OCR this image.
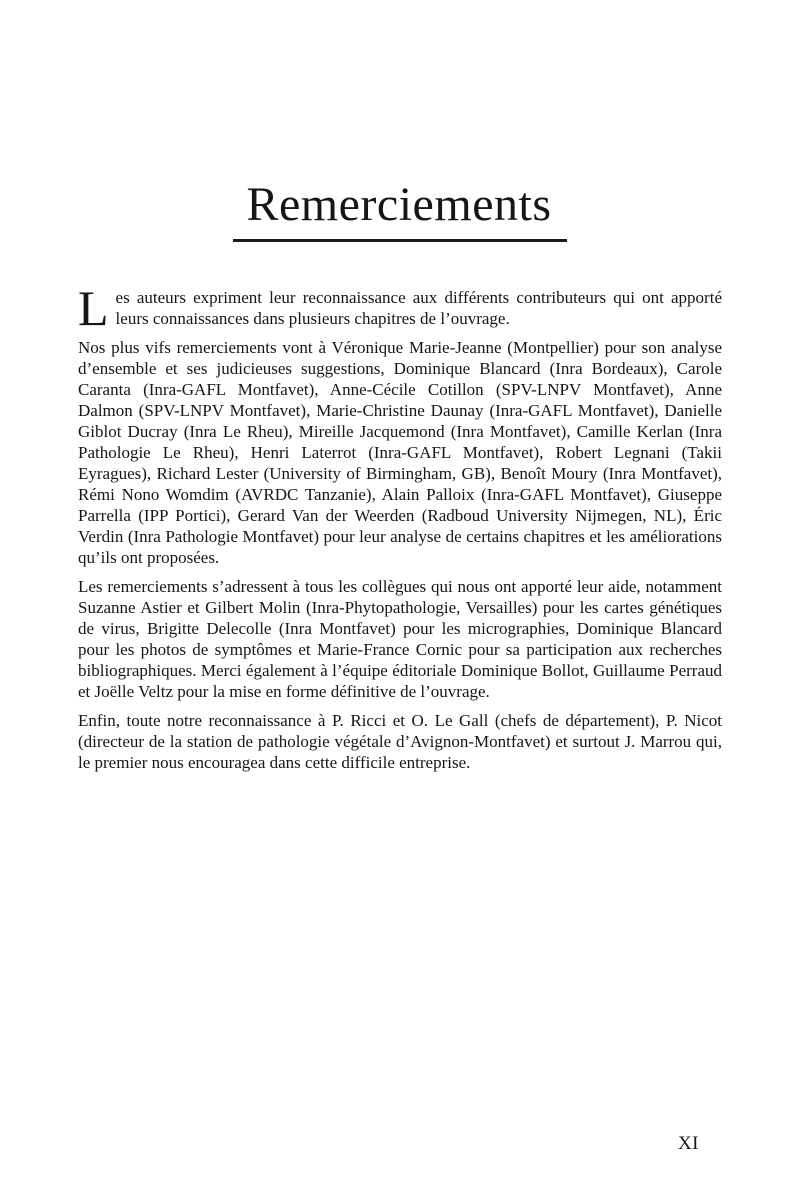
Remerciements

Les auteurs expriment leur reconnaissance aux différents contributeurs qui ont apporté leurs connaissances dans plusieurs chapitres de l’ouvrage.

Nos plus vifs remerciements vont à Véronique Marie-Jeanne (Montpellier) pour son analyse d’ensemble et ses judicieuses suggestions, Dominique Blancard (Inra Bordeaux), Carole Caranta (Inra-GAFL Montfavet), Anne-Cécile Cotillon (SPV-LNPV Montfavet), Anne Dalmon (SPV-LNPV Montfavet), Marie-Christine Daunay (Inra-GAFL Montfavet), Danielle Giblot Ducray (Inra Le Rheu), Mireille Jacquemond (Inra Montfavet), Camille Kerlan (Inra Pathologie Le Rheu), Henri Laterrot (Inra-GAFL Montfavet), Robert Legnani (Takii Eyragues), Richard Lester (University of Birmingham, GB), Benoît Moury (Inra Montfavet), Rémi Nono Womdim (AVRDC Tanzanie), Alain Palloix (Inra-GAFL Montfavet), Giuseppe Parrella (IPP Portici), Gerard Van der Weerden (Radboud University Nijmegen, NL), Éric Verdin (Inra Pathologie Montfavet) pour leur analyse de certains chapitres et les améliorations qu’ils ont proposées.

Les remerciements s’adressent à tous les collègues qui nous ont apporté leur aide, notamment Suzanne Astier et Gilbert Molin (Inra-Phytopathologie, Versailles) pour les cartes génétiques de virus, Brigitte Delecolle (Inra Montfavet) pour les micrographies, Dominique Blancard pour les photos de symptômes et Marie-France Cornic pour sa participation aux recherches bibliographiques. Merci également à l’équipe éditoriale Dominique Bollot, Guillaume Perraud et Joëlle Veltz pour la mise en forme définitive de l’ouvrage.

Enfin, toute notre reconnaissance à P. Ricci et O. Le Gall (chefs de département), P. Nicot (directeur de la station de pathologie végétale d’Avignon-Montfavet) et surtout J. Marrou qui, le premier nous encouragea dans cette difficile entreprise.

XI
